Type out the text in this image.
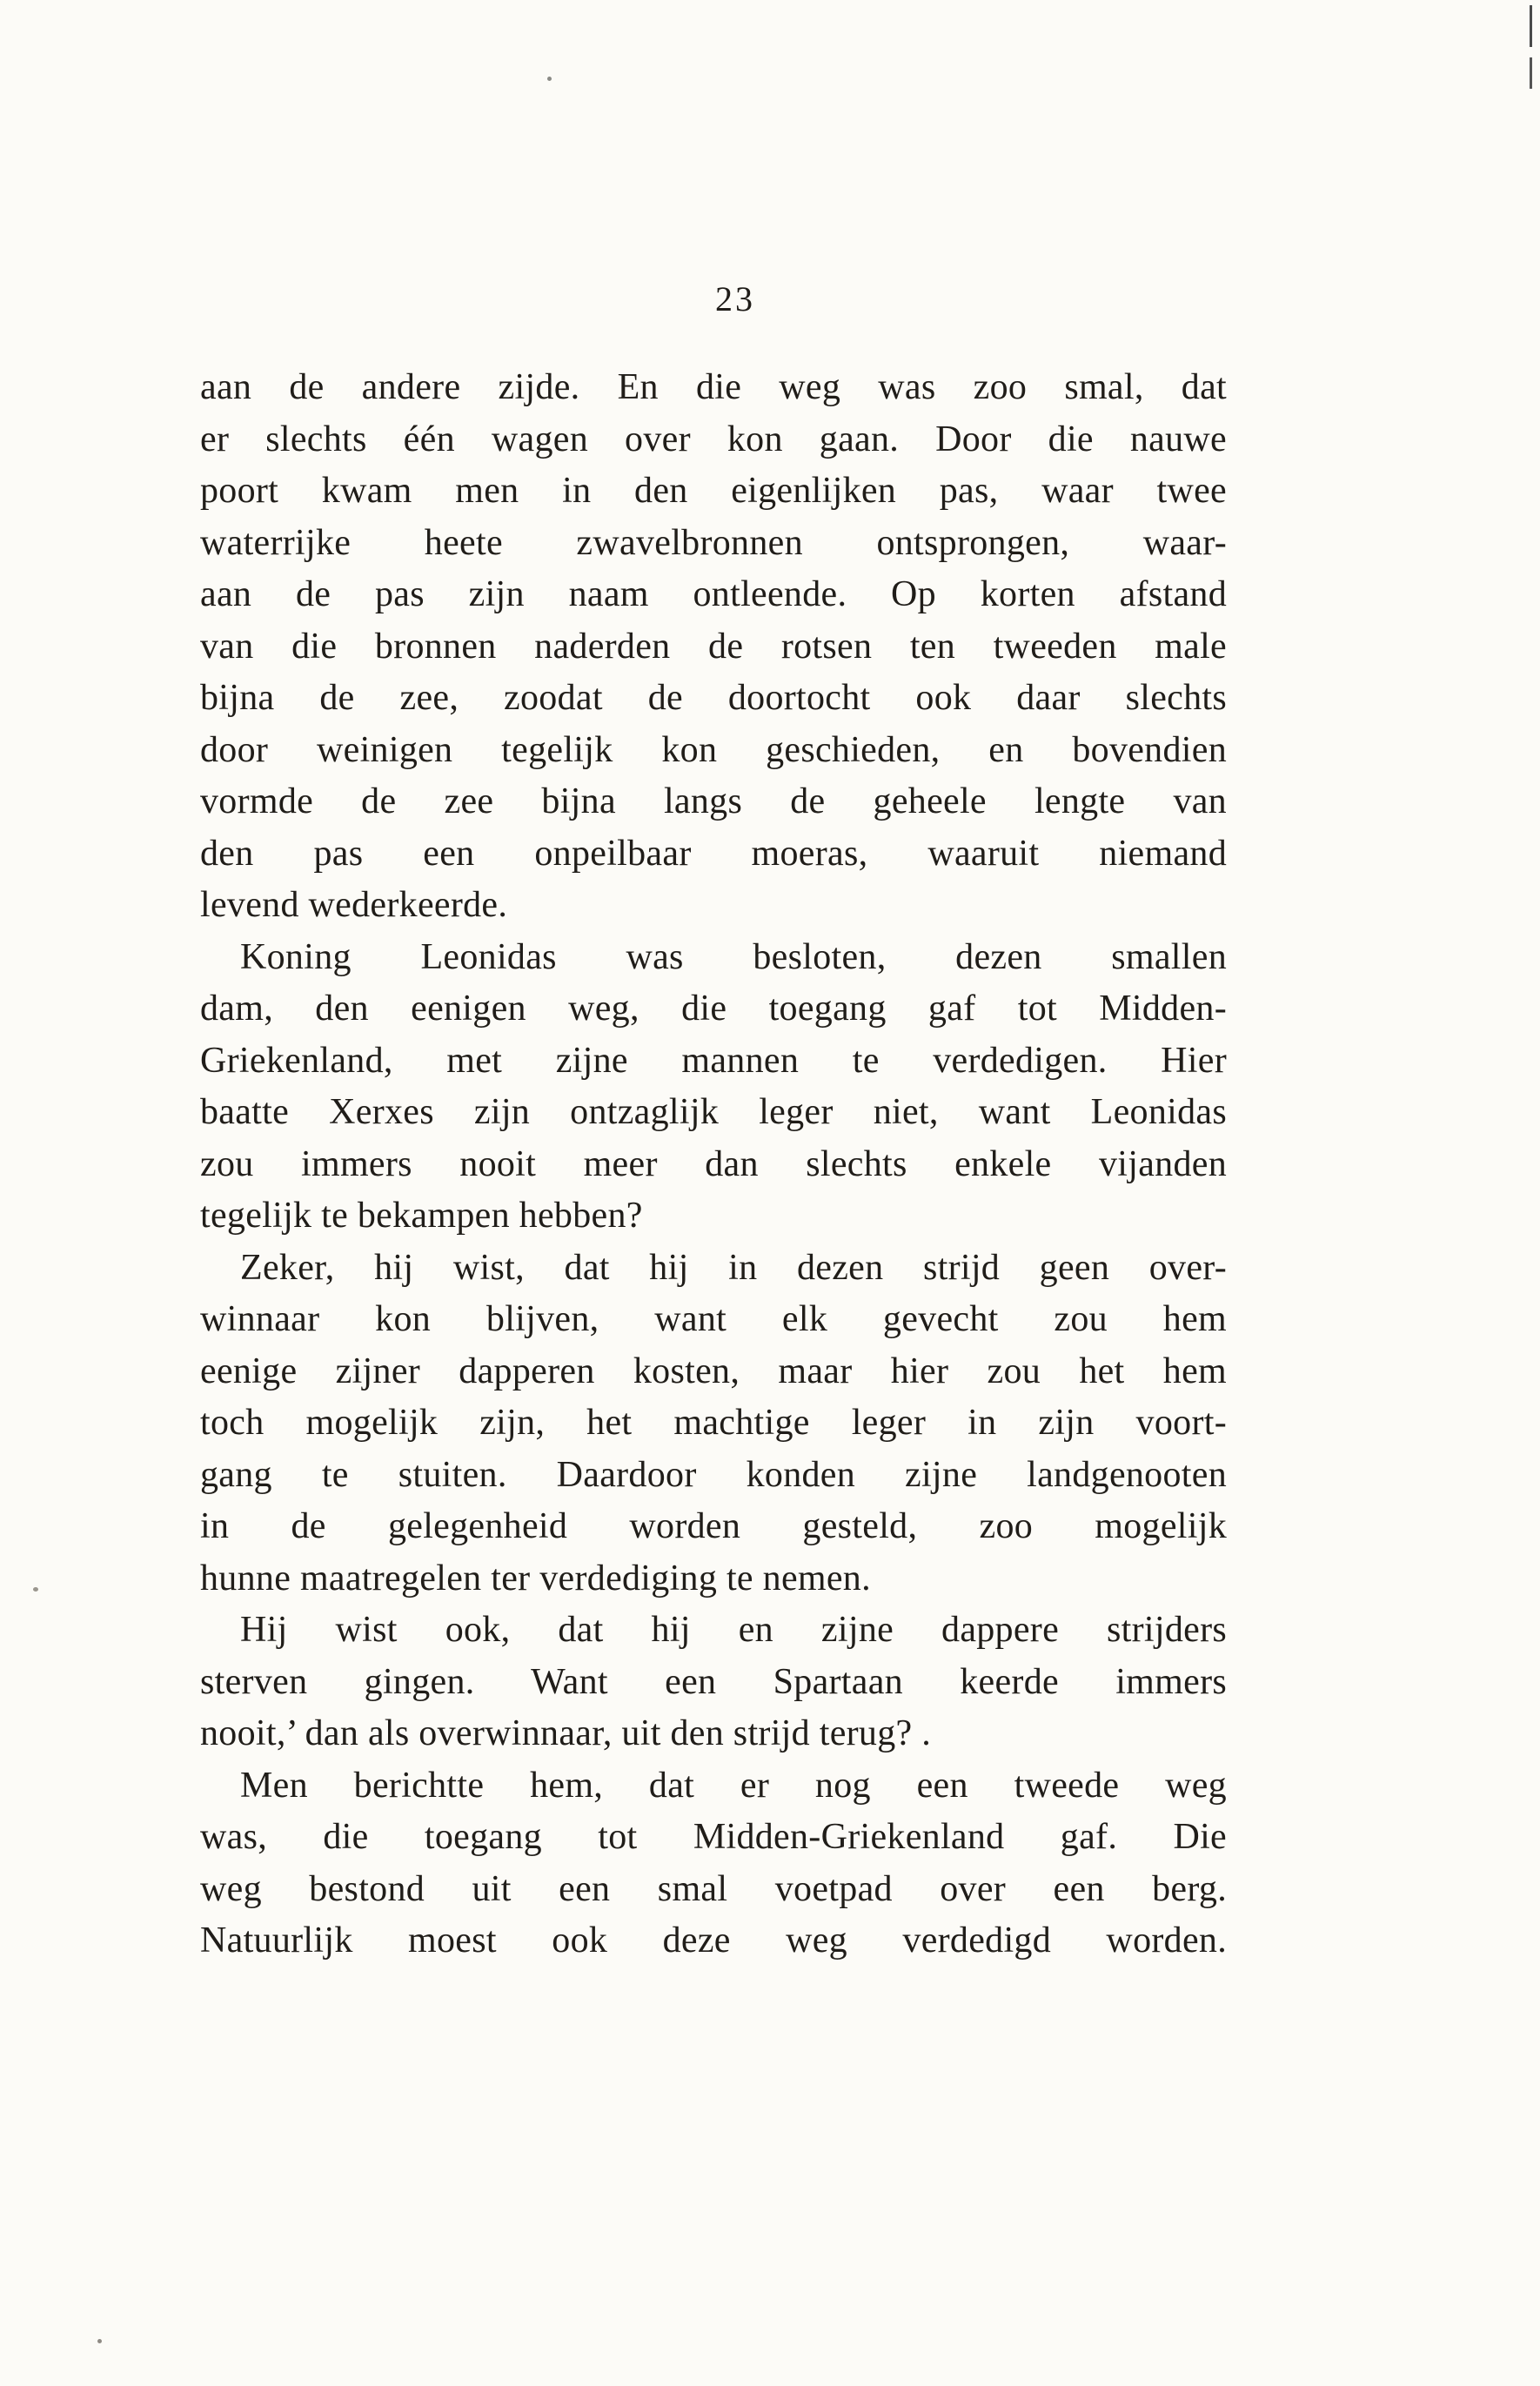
23
aan de andere zijde. En die weg was zoo smal, dat
er slechts één wagen over kon gaan. Door die nauwe
poort kwam men in den eigenlijken pas, waar twee
waterrijke heete zwavelbronnen ontsprongen, waar-
aan de pas zijn naam ontleende. Op korten afstand
van die bronnen naderden de rotsen ten tweeden male
bijna de zee, zoodat de doortocht ook daar slechts
door weinigen tegelijk kon geschieden, en bovendien
vormde de zee bijna langs de geheele lengte van
den pas een onpeilbaar moeras, waaruit niemand
levend wederkeerde.
Koning Leonidas was besloten, dezen smallen
dam, den eenigen weg, die toegang gaf tot Midden-
Griekenland, met zijne mannen te verdedigen. Hier
baatte Xerxes zijn ontzaglijk leger niet, want Leonidas
zou immers nooit meer dan slechts enkele vijanden
tegelijk te bekampen hebben?
Zeker, hij wist, dat hij in dezen strijd geen over-
winnaar kon blijven, want elk gevecht zou hem
eenige zijner dapperen kosten, maar hier zou het hem
toch mogelijk zijn, het machtige leger in zijn voort-
gang te stuiten. Daardoor konden zijne landgenooten
in de gelegenheid worden gesteld, zoo mogelijk
hunne maatregelen ter verdediging te nemen.
Hij wist ook, dat hij en zijne dappere strijders
sterven gingen. Want een Spartaan keerde immers
nooit,’ dan als overwinnaar, uit den strijd terug? .
Men berichtte hem, dat er nog een tweede weg
was, die toegang tot Midden-Griekenland gaf. Die
weg bestond uit een smal voetpad over een berg.
Natuurlijk moest ook deze weg verdedigd worden.
